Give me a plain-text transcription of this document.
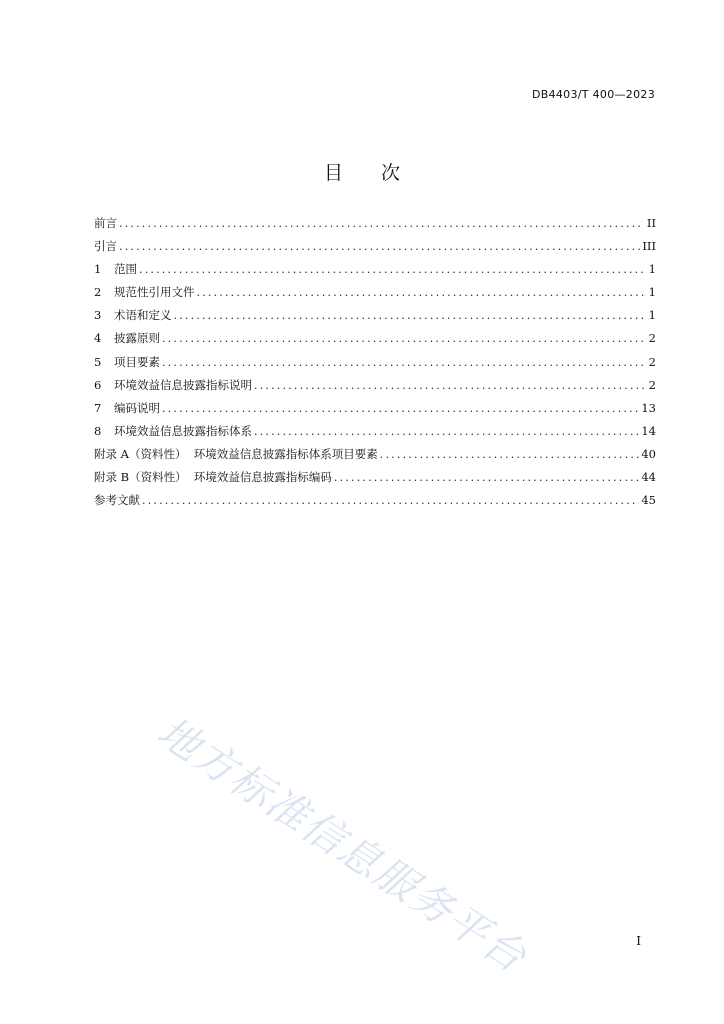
DB4403/T 400—2023
目 次
前言 .....	II
引言 .....	III
1	范围 .....	1
2	规范性引用文件 .....	1
3	术语和定义 .....	1
4	披露原则 .....	2
5	项目要素 .....	2
6	环境效益信息披露指标说明 .....	2
7	编码说明 .....	13
8	环境效益信息披露指标体系 .....	14
附录 A（资料性）  环境效益信息披露指标体系项目要素 .....	40
附录 B（资料性）  环境效益信息披露指标编码 .....	44
参考文献 .....	45
地方标准信息服务平台	I
